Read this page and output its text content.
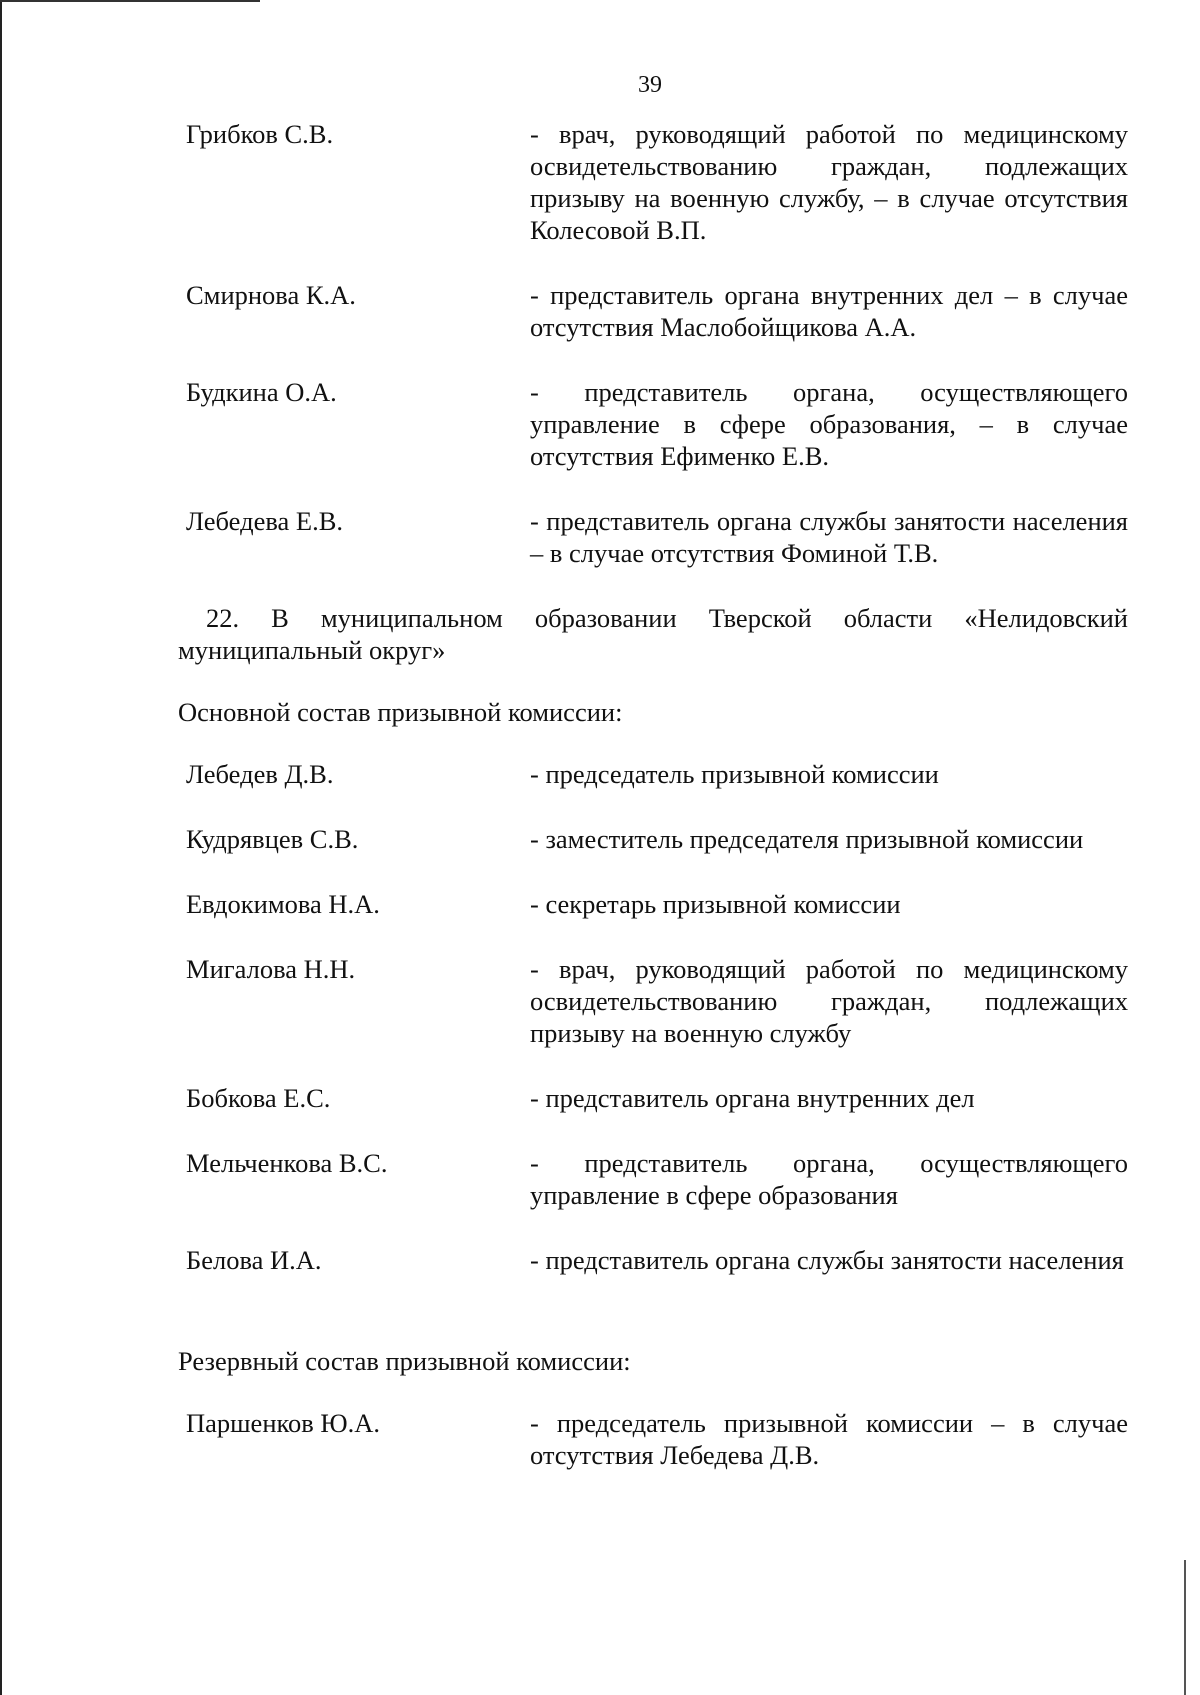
39
Грибков С.В.	- врач, руководящий работой по медицинскому освидетельствованию граждан, подлежащих призыву на военную службу, – в случае отсутствия Колесовой В.П.
Смирнова К.А.	- представитель органа внутренних дел – в случае отсутствия Маслобойщикова А.А.
Будкина О.А.	- представитель органа, осуществляющего управление в сфере образования, – в случае отсутствия Ефименко Е.В.
Лебедева Е.В.	- представитель органа службы занятости населения – в случае отсутствия Фоминой Т.В.

22. В муниципальном образовании Тверской области «Нелидовский муниципальный округ»

Основной состав призывной комиссии:

Лебедев Д.В.	- председатель призывной комиссии
Кудрявцев С.В.	- заместитель председателя призывной комиссии
Евдокимова Н.А.	- секретарь призывной комиссии
Мигалова Н.Н.	- врач, руководящий работой по медицинскому освидетельствованию граждан, подлежащих призыву на военную службу
Бобкова Е.С.	- представитель органа внутренних дел
Мельченкова В.С.	- представитель органа, осуществляющего управление в сфере образования
Белова И.А.	- представитель органа службы занятости населения

Резервный состав призывной комиссии:

Паршенков Ю.А.	- председатель призывной комиссии – в случае отсутствия Лебедева Д.В.
